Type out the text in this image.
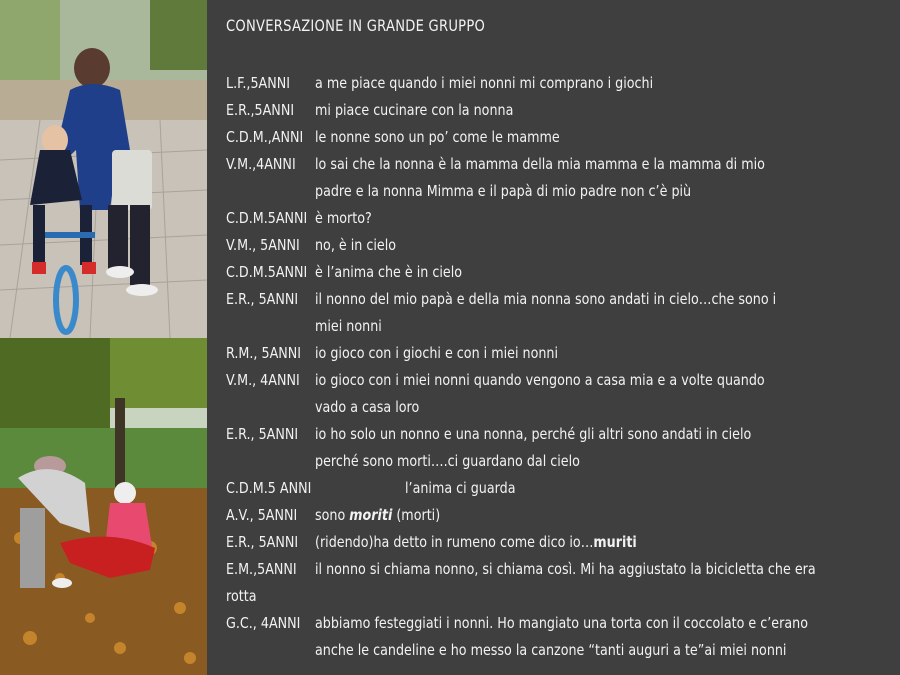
CONVERSAZIONE IN GRANDE GRUPPO
L.F.,5ANNI a me piace quando i miei nonni mi comprano i giochi
E.R.,5ANNI mi piace cucinare con la nonna
C.D.M.,ANNI le nonne sono un po’ come le mamme
V.M.,4ANNI lo sai che la nonna è la mamma della mia mamma e la mamma di mio
padre e la nonna Mimma e il papà di mio padre non c’è più
C.D.M.5ANNI è morto?
V.M., 5ANNI no, è in cielo
C.D.M.5ANNI è l’anima che è in cielo
E.R., 5ANNI il nonno del mio papà e della mia nonna sono andati in cielo…che sono i
miei nonni
R.M., 5ANNI io gioco con i giochi e con i miei nonni
V.M., 4ANNI io gioco con i miei nonni quando vengono a casa mia e a volte quando
vado a casa loro
E.R., 5ANNI io ho solo un nonno e una nonna, perché gli altri sono andati in cielo
perché sono morti….ci guardano dal cielo
C.D.M.5 ANNI	l’anima ci guarda
A.V., 5ANNI sono moriti (morti)
E.R., 5ANNI (ridendo)ha detto in rumeno come dico io…muriti
E.M.,5ANNI il nonno si chiama nonno, si chiama così. Mi ha aggiustato la bicicletta che era
rotta
G.C., 4ANNI abbiamo festeggiati i nonni. Ho mangiato una torta con il coccolato e c’erano
anche le candeline e ho messo la canzone “tanti auguri a te”ai miei nonni
